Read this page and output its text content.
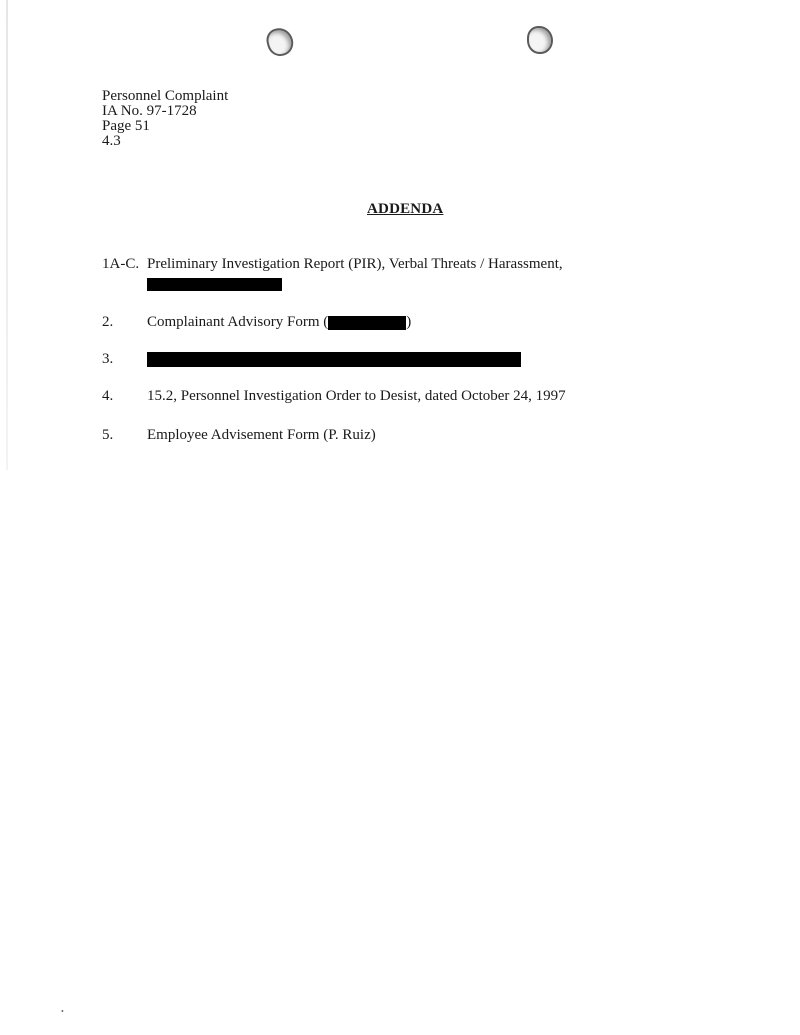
Personnel Complaint
IA No. 97-1728
Page 51
4.3
ADDENDA
1A-C. Preliminary Investigation Report (PIR), Verbal Threats / Harassment,
2. Complainant Advisory Form (	)
3.
4. 15.2, Personnel Investigation Order to Desist, dated October 24, 1997
5. Employee Advisement Form (P. Ruiz)
•
